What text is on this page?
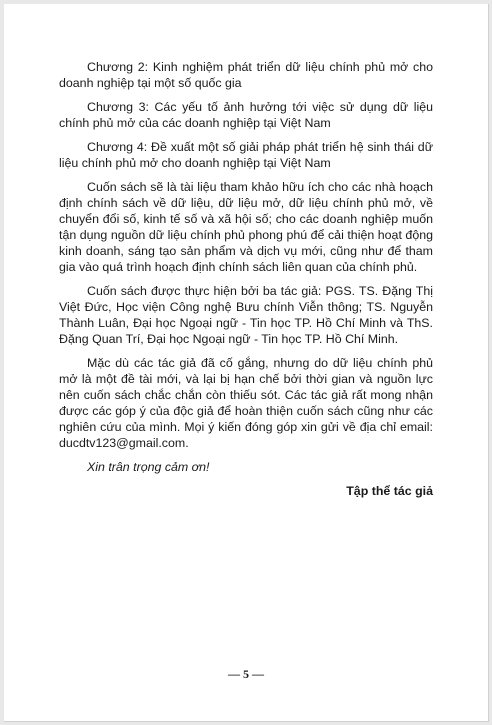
Chương 2: Kinh nghiệm phát triển dữ liệu chính phủ mở cho doanh nghiệp tại một số quốc gia

Chương 3: Các yếu tố ảnh hưởng tới việc sử dụng dữ liệu chính phủ mở của các doanh nghiệp tại Việt Nam

Chương 4: Đề xuất một số giải pháp phát triển hệ sinh thái dữ liệu chính phủ mở cho doanh nghiệp tại Việt Nam

Cuốn sách sẽ là tài liệu tham khảo hữu ích cho các nhà hoạch định chính sách về dữ liệu, dữ liệu mở, dữ liệu chính phủ mở, về chuyển đổi số, kinh tế số và xã hội số; cho các doanh nghiệp muốn tận dụng nguồn dữ liệu chính phủ phong phú để cải thiện hoạt động kinh doanh, sáng tạo sản phẩm và dịch vụ mới, cũng như để tham gia vào quá trình hoạch định chính sách liên quan của chính phủ.

Cuốn sách được thực hiện bởi ba tác giả: PGS. TS. Đặng Thị Việt Đức, Học viện Công nghệ Bưu chính Viễn thông; TS. Nguyễn Thành Luân, Đại học Ngoại ngữ - Tin học TP. Hồ Chí Minh và ThS. Đặng Quan Trí, Đại học Ngoại ngữ - Tin học TP. Hồ Chí Minh.

Mặc dù các tác giả đã cố gắng, nhưng do dữ liệu chính phủ mở là một đề tài mới, và lại bị hạn chế bởi thời gian và nguồn lực nên cuốn sách chắc chắn còn thiếu sót. Các tác giả rất mong nhận được các góp ý của độc giả để hoàn thiện cuốn sách cũng như các nghiên cứu của mình. Mọi ý kiến đóng góp xin gửi về địa chỉ email: ducdtv123@gmail.com.

Xin trân trọng cảm ơn!

Tập thể tác giả

— 5 —
